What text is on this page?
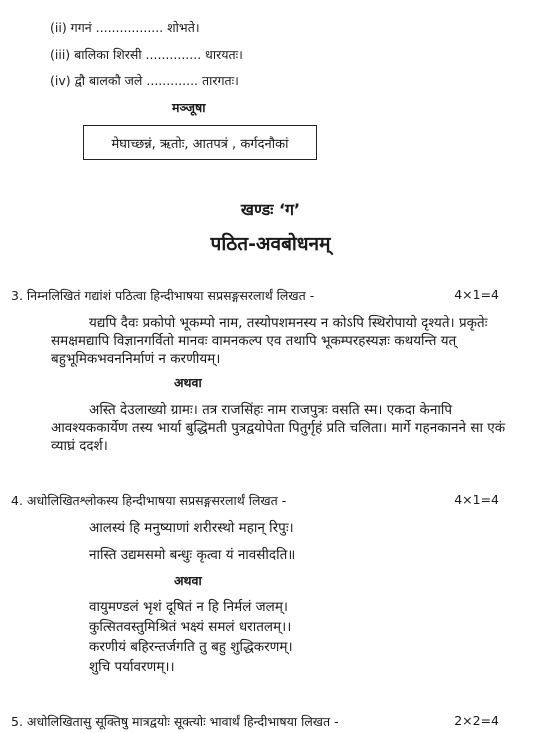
(ii) गगनं ................. शोभते।
(iii) बालिका शिरसी .............. धारयतः।
(iv) द्वौ बालकौ जले ............. तारगतः।
मञ्जूषा
मेघाच्छन्नं, ऋतोः, आतपत्रं , कर्गदनौकां
खण्डः ‘ग’
पठित-अवबोधनम्
3. निम्नलिखितं गद्यांशं पठित्वा हिन्दीभाषया सप्रसङ्गसरलार्थं लिखत -	4×1=4
यद्यपि दैवः प्रकोपो भूकम्पो नाम, तस्योपशमनस्य न कोऽपि स्थिरोपायो दृश्यते। प्रकृतेः
समक्षमद्यापि विज्ञानगर्वितो मानवः वामनकल्प एव तथापि भूकम्परहस्यज्ञः कथयन्ति यत्
बहुभूमिकभवननिर्माणं न करणीयम्।
अथवा
अस्ति देउलाख्यो ग्रामः। तत्र राजसिंहः नाम राजपुत्रः वसति स्म। एकदा केनापि
आवश्यककार्येण तस्य भार्या बुद्धिमती पुत्रद्वयोपेता पितुर्गृहं प्रति चलिता। मार्गे गहनकानने सा एकं
व्याघ्रं ददर्श।
4. अधोलिखितश्लोकस्य हिन्दीभाषया सप्रसङ्गसरलार्थं लिखत -	4×1=4
आलस्यं हि मनुष्याणां शरीरस्थो महान् रिपुः।
नास्ति उद्यमसमो बन्धुः कृत्वा यं नावसीदति॥
अथवा
वायुमण्डलं भृशं दूषितं न हि निर्मलं जलम्।
कुत्सितवस्तुमिश्रितं भक्ष्यं समलं धरातलम्।।
करणीयं बहिरन्तर्जगति तु बहु शुद्धिकरणम्।
शुचि पर्यावरणम्।।
5. अधोलिखितासु सूक्तिषु मात्रद्वयोः सूक्त्योः भावार्थं हिन्दीभाषया लिखत -	2×2=4
